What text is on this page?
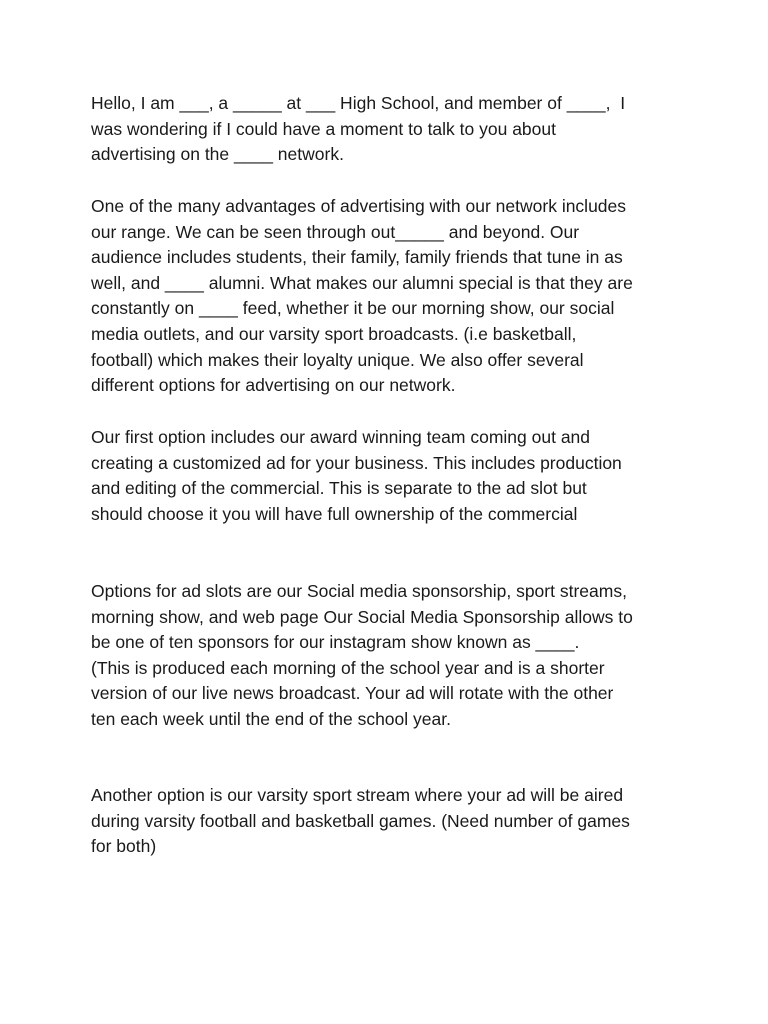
Hello, I am ___, a _____ at ___ High School, and member of ____,  I
was wondering if I could have a moment to talk to you about
advertising on the ____ network.
One of the many advantages of advertising with our network includes
our range. We can be seen through out_____ and beyond. Our
audience includes students, their family, family friends that tune in as
well, and ____ alumni. What makes our alumni special is that they are
constantly on ____ feed, whether it be our morning show, our social
media outlets, and our varsity sport broadcasts. (i.e basketball,
football) which makes their loyalty unique. We also offer several
different options for advertising on our network.
Our first option includes our award winning team coming out and
creating a customized ad for your business. This includes production
and editing of the commercial. This is separate to the ad slot but
should choose it you will have full ownership of the commercial
Options for ad slots are our Social media sponsorship, sport streams,
morning show, and web page Our Social Media Sponsorship allows to
be one of ten sponsors for our instagram show known as ____.
(This is produced each morning of the school year and is a shorter
version of our live news broadcast. Your ad will rotate with the other
ten each week until the end of the school year.
Another option is our varsity sport stream where your ad will be aired
during varsity football and basketball games. (Need number of games
for both)
